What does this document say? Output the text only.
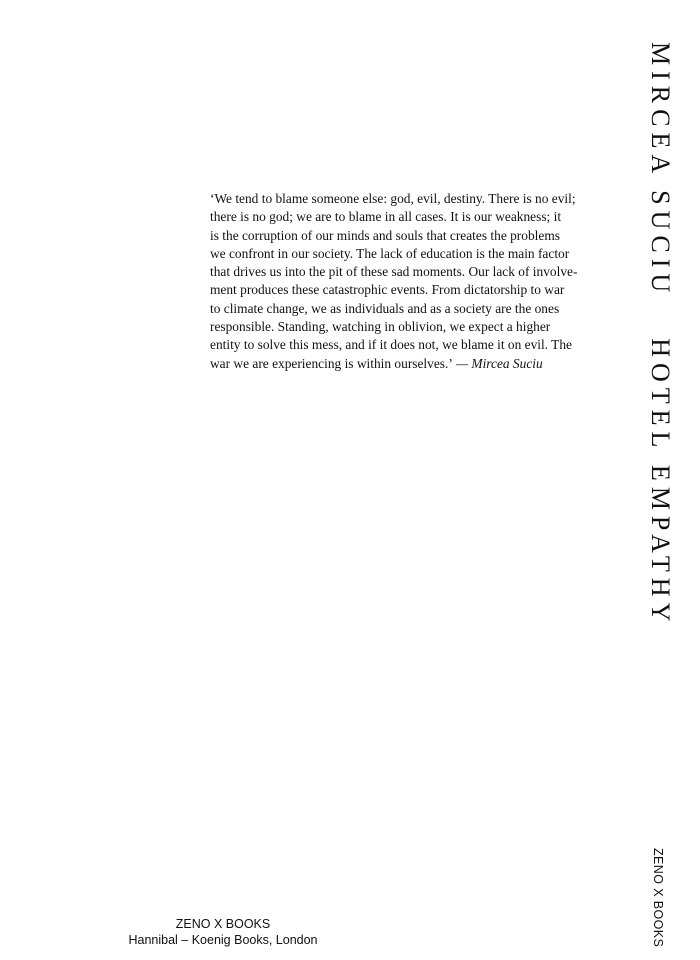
‘We tend to blame someone else: god, evil, destiny. There is no evil;
there is no god; we are to blame in all cases. It is our weakness; it
is the corruption of our minds and souls that creates the problems
we confront in our society. The lack of education is the main factor
that drives us into the pit of these sad moments. Our lack of involve-
ment produces these catastrophic events. From dictatorship to war
to climate change, we as individuals and as a society are the ones
responsible. Standing, watching in oblivion, we expect a higher
entity to solve this mess, and if it does not, we blame it on evil. The
war we are experiencing is within ourselves.’ — Mircea Suciu
MIRCEA SUCIUHOTEL EMPATHY
ZENO X BOOKS
ZENO X BOOKS
Hannibal – Koenig Books, London
